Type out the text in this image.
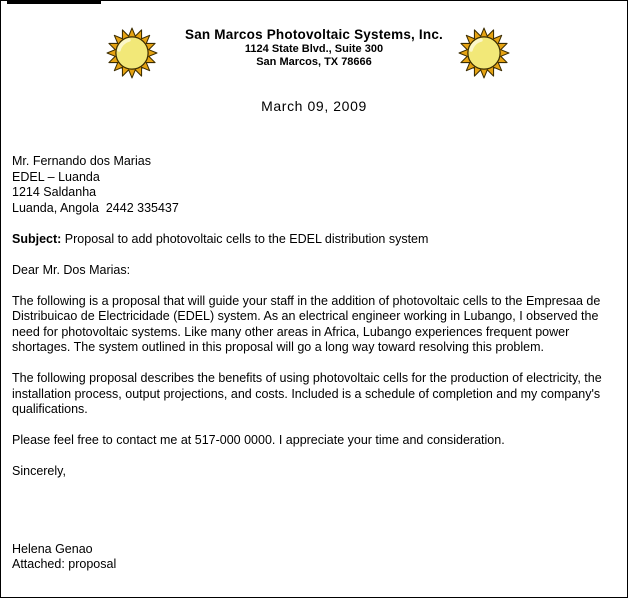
San Marcos Photovoltaic Systems, Inc.
1124 State Blvd., Suite 300
San Marcos, TX 78666
March 09, 2009
Mr. Fernando dos Marias
EDEL – Luanda
1214 Saldanha
Luanda, Angola  2442 335437

Subject: Proposal to add photovoltaic cells to the EDEL distribution system

Dear Mr. Dos Marias:

The following is a proposal that will guide your staff in the addition of photovoltaic cells to the Empresaa de Distribuicao de Electricidade (EDEL) system. As an electrical engineer working in Lubango, I observed the need for photovoltaic systems. Like many other areas in Africa, Lubango experiences frequent power shortages. The system outlined in this proposal will go a long way toward resolving this problem.

The following proposal describes the benefits of using photovoltaic cells for the production of electricity, the installation process, output projections, and costs. Included is a schedule of completion and my company's qualifications.

Please feel free to contact me at 517-000 0000. I appreciate your time and consideration.

Sincerely,

Helena Genao

Attached: proposal
